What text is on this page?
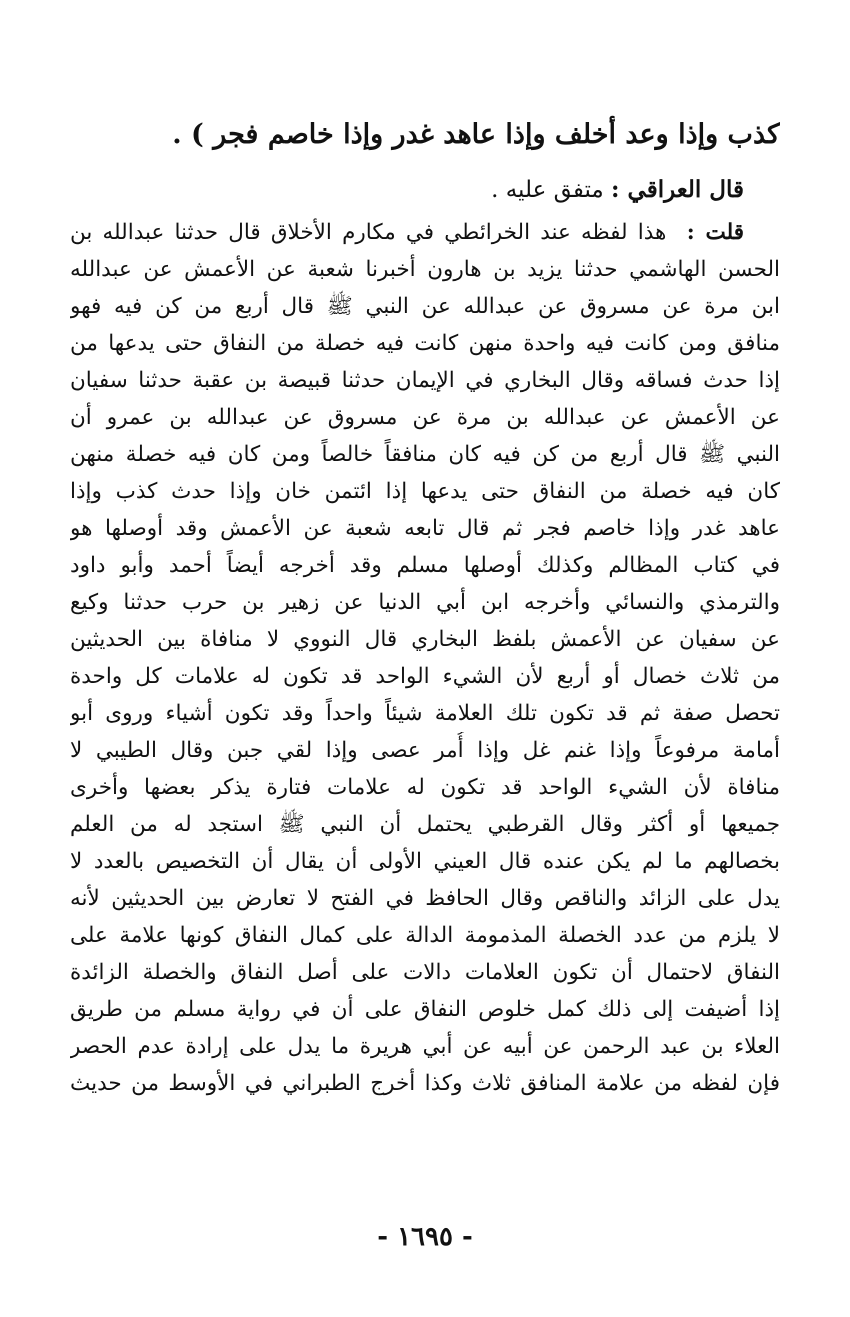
كذب وإذا وعد أخلف وإذا عاهد غدر وإذا خاصم فجر ) .

قال العراقي : متفق عليه .

قلت :  هذا لفظه عند الخرائطي في مكارم الأخلاق قال حدثنا عبدالله بن
الحسن الهاشمي حدثنا يزيد بن هارون أخبرنا شعبة عن الأعمش عن عبدالله
ابن مرة عن مسروق عن عبدالله عن النبي ﷺ قال أربع من كن فيه فهو
منافق ومن كانت فيه واحدة منهن كانت فيه خصلة من النفاق حتى يدعها من
إذا حدث فساقه وقال البخاري في الإيمان حدثنا قبيصة بن عقبة حدثنا سفيان
عن الأعمش عن عبدالله بن مرة عن مسروق عن عبدالله بن عمرو أن
النبي ﷺ قال أربع من كن فيه كان منافقاً خالصاً ومن كان فيه خصلة منهن
كان فيه خصلة من النفاق حتى يدعها إذا ائتمن خان وإذا حدث كذب وإذا
عاهد غدر وإذا خاصم فجر ثم قال تابعه شعبة عن الأعمش وقد أوصلها هو
في كتاب المظالم وكذلك أوصلها مسلم وقد أخرجه أيضاً أحمد وأبو داود
والترمذي والنسائي وأخرجه ابن أبي الدنيا عن زهير بن حرب حدثنا وكيع
عن سفيان عن الأعمش بلفظ البخاري قال النووي لا منافاة بين الحديثين
من ثلاث خصال أو أربع لأن الشيء الواحد قد تكون له علامات كل واحدة
تحصل صفة ثم قد تكون تلك العلامة شيئاً واحداً وقد تكون أشياء وروى أبو
أمامة مرفوعاً وإذا غنم غل وإذا أُمر عصى وإذا لقي جبن وقال الطيبي لا
منافاة لأن الشيء الواحد قد تكون له علامات فتارة يذكر بعضها وأخرى
جميعها أو أكثر وقال القرطبي يحتمل أن النبي ﷺ استجد له من العلم
بخصالهم ما لم يكن عنده قال العيني الأولى أن يقال أن التخصيص بالعدد لا
يدل على الزائد والناقص وقال الحافظ في الفتح لا تعارض بين الحديثين لأنه
لا يلزم من عدد الخصلة المذمومة الدالة على كمال النفاق كونها علامة على
النفاق لاحتمال أن تكون العلامات دالات على أصل النفاق والخصلة الزائدة
إذا أضيفت إلى ذلك كمل خلوص النفاق على أن في رواية مسلم من طريق
العلاء بن عبد الرحمن عن أبيه عن أبي هريرة ما يدل على إرادة عدم الحصر
فإن لفظه من علامة المنافق ثلاث وكذا أخرج الطبراني في الأوسط من حديث
- ١٦٩٥ -
